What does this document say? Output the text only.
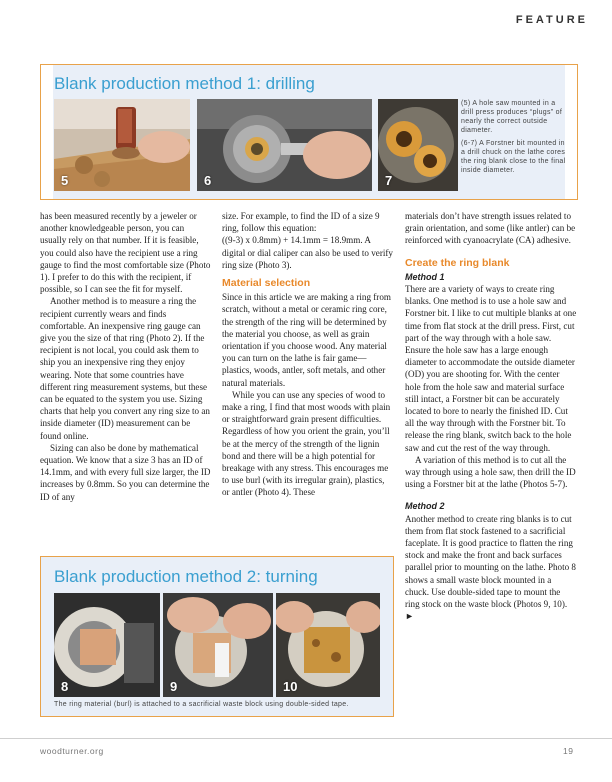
FEATURE
Blank production method 1: drilling
5	6	7

(5) A hole saw mounted in a drill press produces “plugs” of nearly the correct outside diameter.

(6-7) A Forstner bit mounted in a drill chuck on the lathe cores the ring blank close to the final inside diameter.

has been measured recently by a jeweler or another knowledgeable person, you can usually rely on that number. If it is feasible, you could also have the recipient use a ring gauge to find the most comfortable size (Photo 1). I prefer to do this with the recipient, if possible, so I can see the fit for myself.

Another method is to measure a ring the recipient currently wears and finds comfortable. An inexpensive ring gauge can give you the size of that ring (Photo 2). If the recipient is not local, you could ask them to ship you an inexpensive ring they enjoy wearing. Note that some countries have different ring measurement systems, but these can be equated to the system you use. Sizing charts that help you convert any ring size to an inside diameter (ID) measurement can be found online.

Sizing can also be done by mathematical equation. We know that a size 3 has an ID of 14.1mm, and with every full size larger, the ID increases by 0.8mm. So you can determine the ID of any

size. For example, to find the ID of a size 9 ring, follow this equation:

((9-3) x 0.8mm) + 14.1mm = 18.9mm. A digital or dial caliper can also be used to verify ring size (Photo 3).

Material selection

Since in this article we are making a ring from scratch, without a metal or ceramic ring core, the strength of the ring will be determined by the material you choose, as well as grain orientation if you choose wood. Any material you can turn on the lathe is fair game—plastics, woods, antler, soft metals, and other natural materials.

While you can use any species of wood to make a ring, I find that most woods with plain or straightforward grain present difficulties. Regardless of how you orient the grain, you’ll be at the mercy of the strength of the lignin bond and there will be a high potential for breakage with any stress. This encourages me to use burl (with its irregular grain), plastics, or antler (Photo 4). These

materials don’t have strength issues related to grain orientation, and some (like antler) can be reinforced with cyanoacrylate (CA) adhesive.

Create the ring blank
Method 1

There are a variety of ways to create ring blanks. One method is to use a hole saw and Forstner bit. I like to cut multiple blanks at one time from flat stock at the drill press. First, cut part of the way through with a hole saw. Ensure the hole saw has a large enough diameter to accommodate the outside diameter (OD) you are shooting for. With the center hole from the hole saw and material surface still intact, a Forstner bit can be accurately located to bore to nearly the finished ID. Cut all the way through with the Forstner bit. To release the ring blank, switch back to the hole saw and cut the rest of the way through.

A variation of this method is to cut all the way through using a hole saw, then drill the ID using a Forstner bit at the lathe (Photos 5-7).

Method 2

Another method to create ring blanks is to cut them from flat stock fastened to a sacrificial faceplate. It is good practice to flatten the ring stock and make the front and back surfaces parallel prior to mounting on the lathe. Photo 8 shows a small waste block mounted in a chuck. Use double-sided tape to mount the ring stock on the waste block (Photos 9, 10). ►

Blank production method 2: turning
8	9	10
The ring material (burl) is attached to a sacrificial waste block using double-sided tape.
woodturner.org	19
